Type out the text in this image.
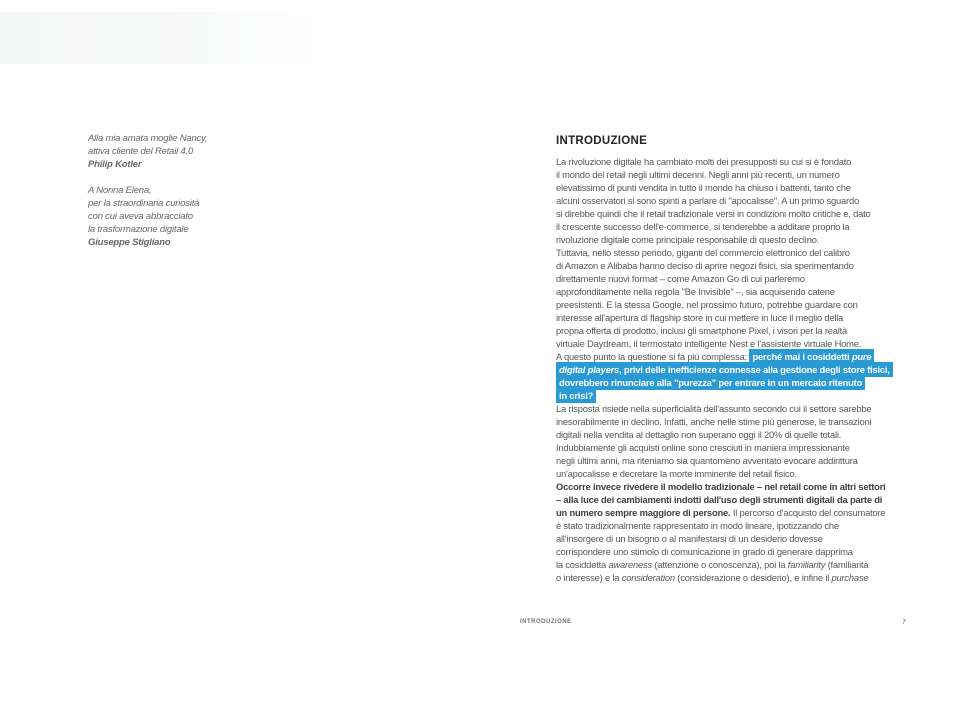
Alla mia amata moglie Nancy,
attiva cliente del Retail 4.0
Philip Kotler
A Nonna Elena,
per la straordinaria curiosità
con cui aveva abbracciato
la trasformazione digitale
Giuseppe Stigliano
INTRODUZIONE
La rivoluzione digitale ha cambiato molti dei presupposti su cui si è fondato
il mondo del retail negli ultimi decenni. Negli anni più recenti, un numero
elevatissimo di punti vendita in tutto il mondo ha chiuso i battenti, tanto che
alcuni osservatori si sono spinti a parlare di "apocalisse". A un primo sguardo
si direbbe quindi che il retail tradizionale versi in condizioni molto critiche e, dato
il crescente successo dell'e-commerce, si tenderebbe a additare proprio la
rivoluzione digitale come principale responsabile di questo declino.
Tuttavia, nello stesso periodo, giganti del commercio elettronico del calibro
di Amazon e Alibaba hanno deciso di aprire negozi fisici, sia sperimentando
direttamente nuovi format – come Amazon Go di cui parleremo
approfonditamente nella regola "Be Invisible" –, sia acquisendo catene
preesistenti. E la stessa Google, nel prossimo futuro, potrebbe guardare con
interesse all'apertura di flagship store in cui mettere in luce il meglio della
propria offerta di prodotto, inclusi gli smartphone Pixel, i visori per la realtà
virtuale Daydream, il termostato intelligente Nest e l'assistente virtuale Home.
A questo punto la questione si fa più complessa: perché mai i cosiddetti pure
digital players, privi delle inefficienze connesse alla gestione degli store fisici,
dovrebbero rinunciare alla "purezza" per entrare in un mercato ritenuto
in crisi?
La risposta risiede nella superficialità dell'assunto secondo cui il settore sarebbe
inesorabilmente in declino. Infatti, anche nelle stime più generose, le transazioni
digitali nella vendita al dettaglio non superano oggi il 20% di quelle totali.
Indubbiamente gli acquisti online sono cresciuti in maniera impressionante
negli ultimi anni, ma riteniamo sia quantomeno avventato evocare addirittura
un'apocalisse e decretare la morte imminente del retail fisico.
Occorre invece rivedere il modello tradizionale – nel retail come in altri settori
– alla luce dei cambiamenti indotti dall'uso degli strumenti digitali da parte di
un numero sempre maggiore di persone. Il percorso d'acquisto del consumatore
è stato tradizionalmente rappresentato in modo lineare, ipotizzando che
all'insorgere di un bisogno o al manifestarsi di un desiderio dovesse
corrispondere uno stimolo di comunicazione in grado di generare dapprima
la cosiddetta awareness (attenzione o conoscenza), poi la familiarity (familiarità
o interesse) e la consideration (considerazione o desiderio), e infine il purchase
INTRODUZIONE	7
